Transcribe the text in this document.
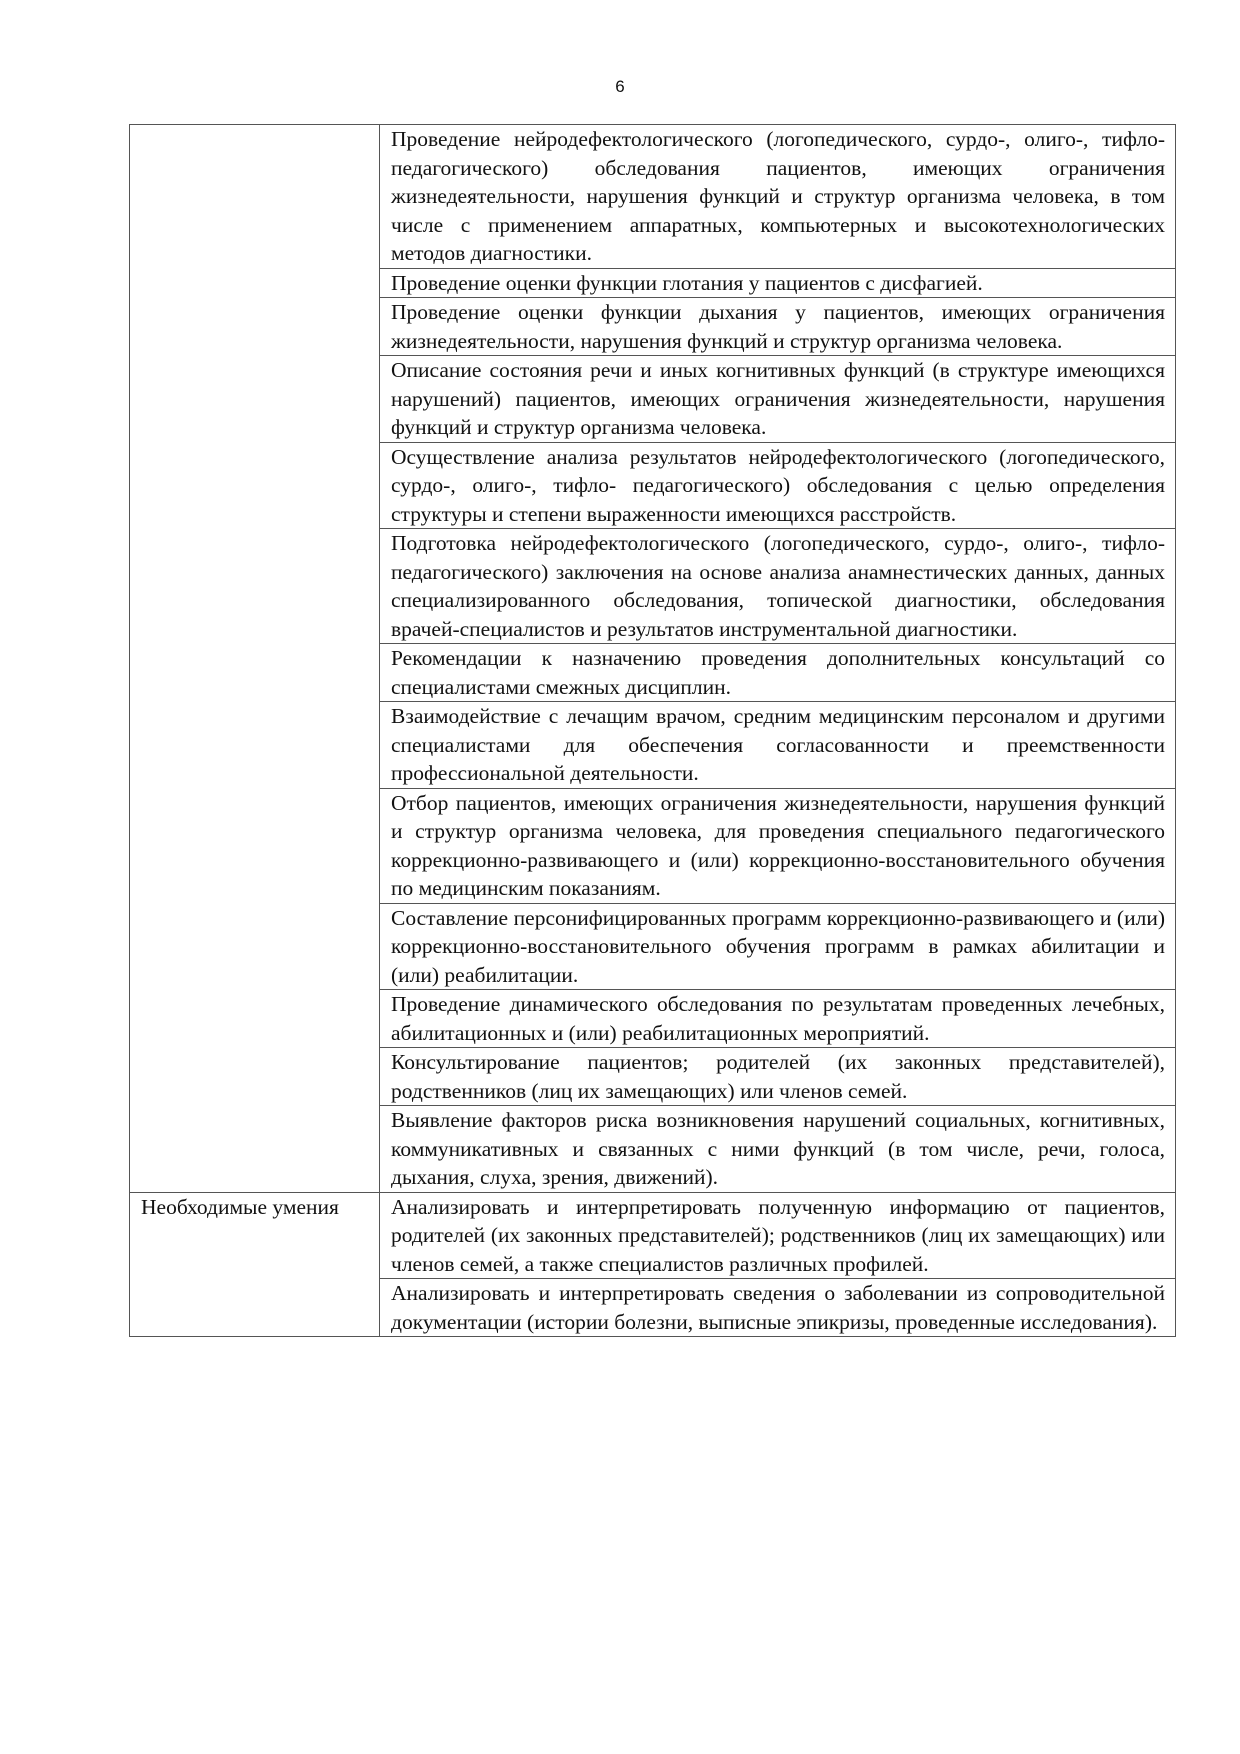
6
	Проведение нейродефектологического (логопедического, сурдо-, олиго-, тифло- педагогического) обследования пациентов, имеющих ограничения жизнедеятельности, нарушения функций и структур организма человека, в том числе с применением аппаратных, компьютерных и высокотехнологических методов диагностики.
	Проведение оценки функции глотания у пациентов с дисфагией.
	Проведение оценки функции дыхания у пациентов, имеющих ограничения жизнедеятельности, нарушения функций и структур организма человека.
	Описание состояния речи и иных когнитивных функций (в структуре имеющихся нарушений) пациентов, имеющих ограничения жизнедеятельности, нарушения функций и структур организма человека.
	Осуществление анализа результатов нейродефектологического (логопедического, сурдо-, олиго-, тифло- педагогического) обследования с целью определения структуры и степени выраженности имеющихся расстройств.
	Подготовка нейродефектологического (логопедического, сурдо-, олиго-, тифло- педагогического) заключения на основе анализа анамнестических данных, данных специализированного обследования, топической диагностики, обследования врачей-специалистов и результатов инструментальной диагностики.
	Рекомендации к назначению проведения дополнительных консультаций со специалистами смежных дисциплин.
	Взаимодействие с лечащим врачом, средним медицинским персоналом и другими специалистами для обеспечения согласованности и преемственности профессиональной деятельности.
	Отбор пациентов, имеющих ограничения жизнедеятельности, нарушения функций и структур организма человека, для проведения специального педагогического коррекционно-развивающего и (или) коррекционно-восстановительного обучения по медицинским показаниям.
	Составление персонифицированных программ коррекционно-развивающего и (или) коррекционно-восстановительного обучения программ в рамках абилитации и (или) реабилитации.
	Проведение динамического обследования по результатам проведенных лечебных, абилитационных и (или) реабилитационных мероприятий.
	Консультирование пациентов; родителей (их законных представителей), родственников (лиц их замещающих) или членов семей.
	Выявление факторов риска возникновения нарушений социальных, когнитивных, коммуникативных и связанных с ними функций (в том числе, речи, голоса, дыхания, слуха, зрения, движений).
Необходимые умения	Анализировать и интерпретировать полученную информацию от пациентов, родителей (их законных представителей); родственников (лиц их замещающих) или членов семей, а также специалистов различных профилей.
	Анализировать и интерпретировать сведения о заболевании из сопроводительной документации (истории болезни, выписные эпикризы, проведенные исследования).
